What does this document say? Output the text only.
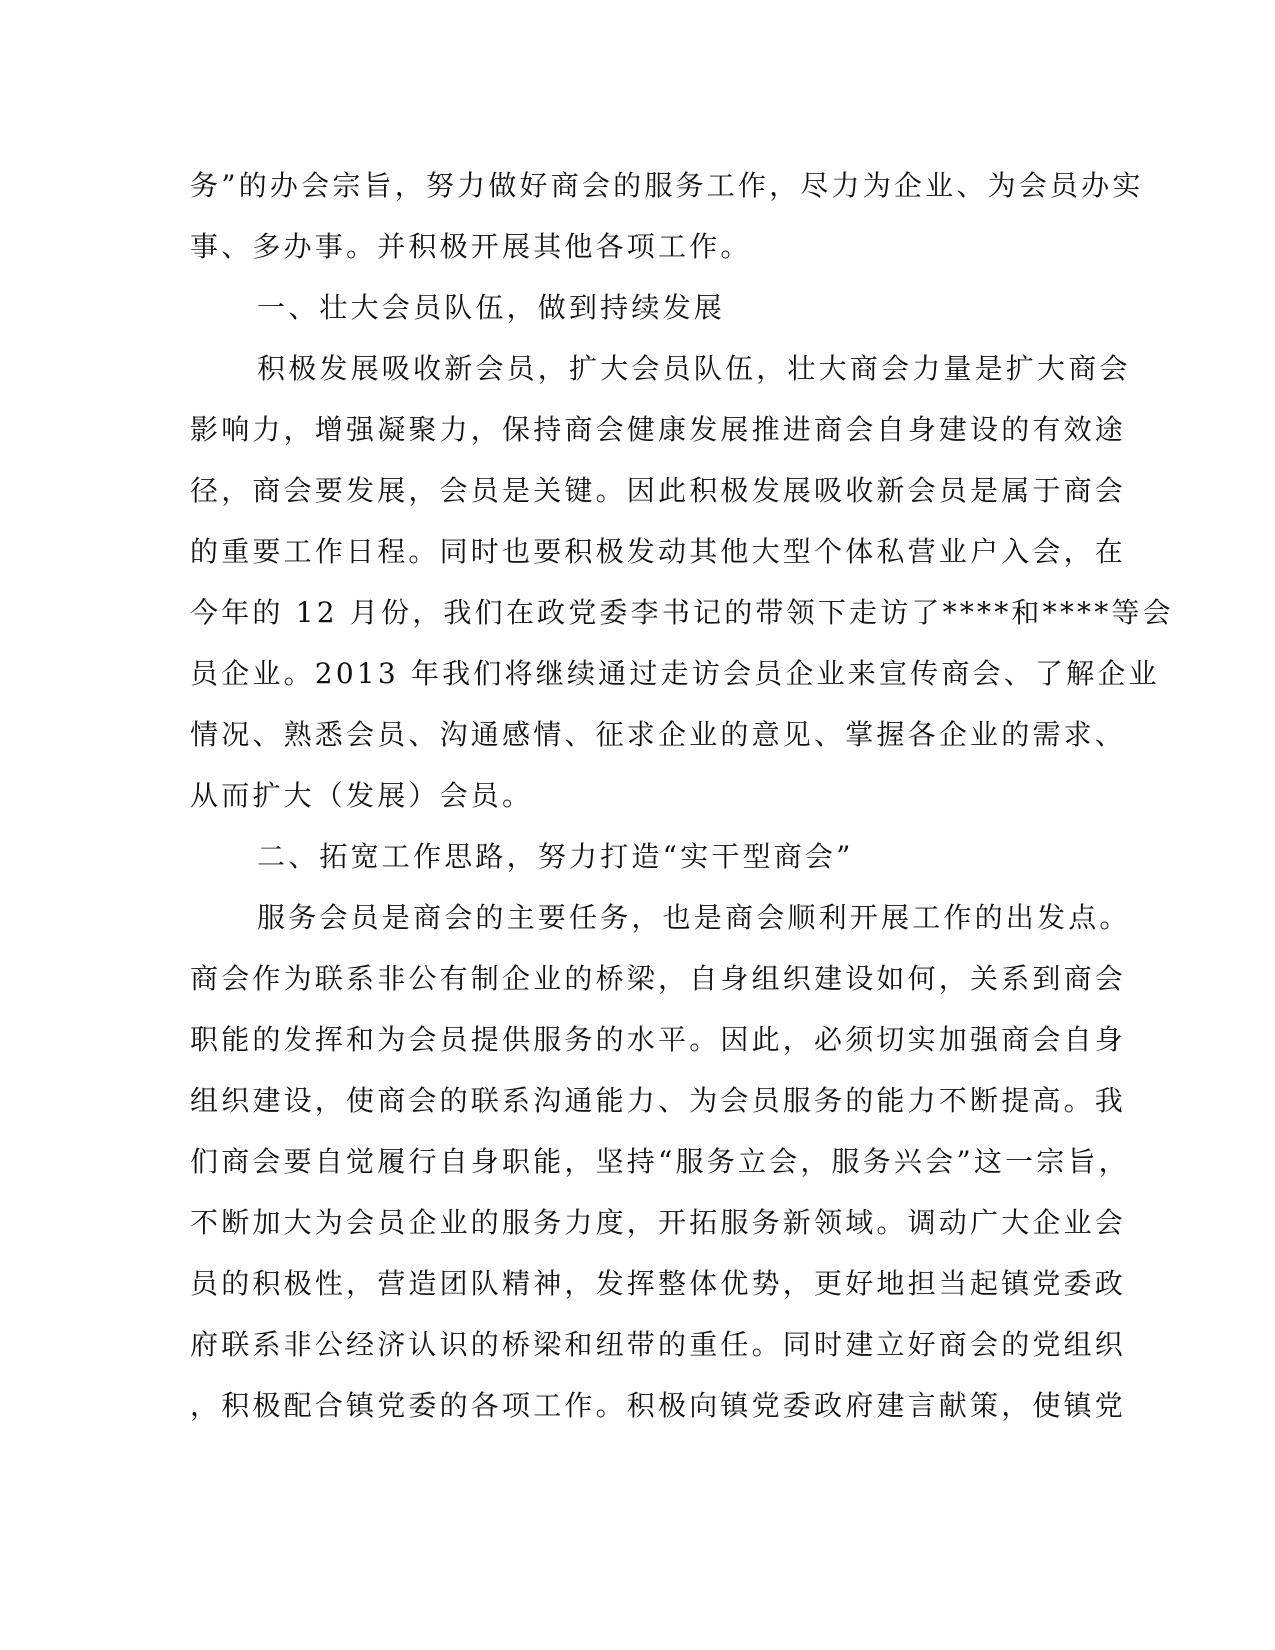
务”的办会宗旨，努力做好商会的服务工作，尽力为企业、为会员办实
事、多办事。并积极开展其他各项工作。
一、壮大会员队伍，做到持续发展
积极发展吸收新会员，扩大会员队伍，壮大商会力量是扩大商会
影响力，增强凝聚力，保持商会健康发展推进商会自身建设的有效途
径，商会要发展，会员是关键。因此积极发展吸收新会员是属于商会
的重要工作日程。同时也要积极发动其他大型个体私营业户入会，在
今年的 12 月份，我们在政党委李书记的带领下走访了****和****等会
员企业。2013 年我们将继续通过走访会员企业来宣传商会、了解企业
情况、熟悉会员、沟通感情、征求企业的意见、掌握各企业的需求、
从而扩大（发展）会员。
二、拓宽工作思路，努力打造“实干型商会”
服务会员是商会的主要任务，也是商会顺利开展工作的出发点。
商会作为联系非公有制企业的桥梁，自身组织建设如何，关系到商会
职能的发挥和为会员提供服务的水平。因此，必须切实加强商会自身
组织建设，使商会的联系沟通能力、为会员服务的能力不断提高。我
们商会要自觉履行自身职能，坚持“服务立会，服务兴会”这一宗旨，
不断加大为会员企业的服务力度，开拓服务新领域。调动广大企业会
员的积极性，营造团队精神，发挥整体优势，更好地担当起镇党委政
府联系非公经济认识的桥梁和纽带的重任。同时建立好商会的党组织
，积极配合镇党委的各项工作。积极向镇党委政府建言献策，使镇党
